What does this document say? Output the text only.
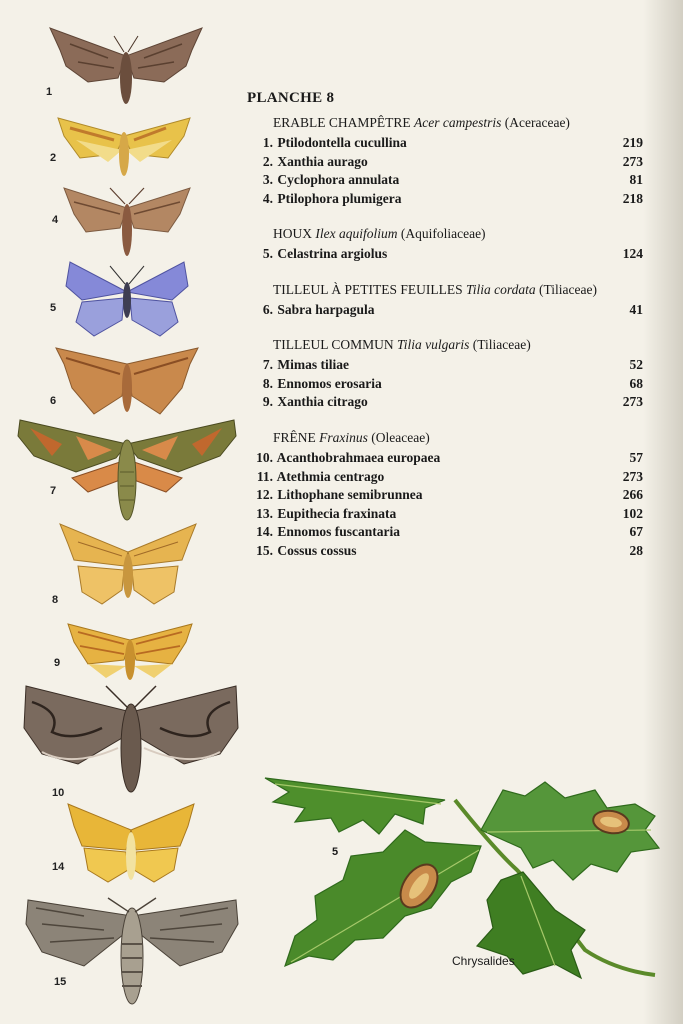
1
2
4
5
6
7
8
9
10
14
15
PLANCHE 8
ERABLE CHAMPÊTRE Acer campestris (Aceraceae)
1. Ptilodontella cucullina	219
2. Xanthia aurago	273
3. Cyclophora annulata	81
4. Ptilophora plumigera	218
HOUX Ilex aquifolium (Aquifoliaceae)
5. Celastrina argiolus	124
TILLEUL À PETITES FEUILLES Tilia cordata (Tiliaceae)
6. Sabra harpagula	41
TILLEUL COMMUN Tilia vulgaris (Tiliaceae)
7. Mimas tiliae	52
8. Ennomos erosaria	68
9. Xanthia citrago	273
FRÊNE Fraxinus (Oleaceae)
10. Acanthobrahmaea europaea	57
11. Atethmia centrago	273
12. Lithophane semibrunnea	266
13. Eupithecia fraxinata	102
14. Ennomos fuscantaria	67
15. Cossus cossus	28
5
Chrysalides
